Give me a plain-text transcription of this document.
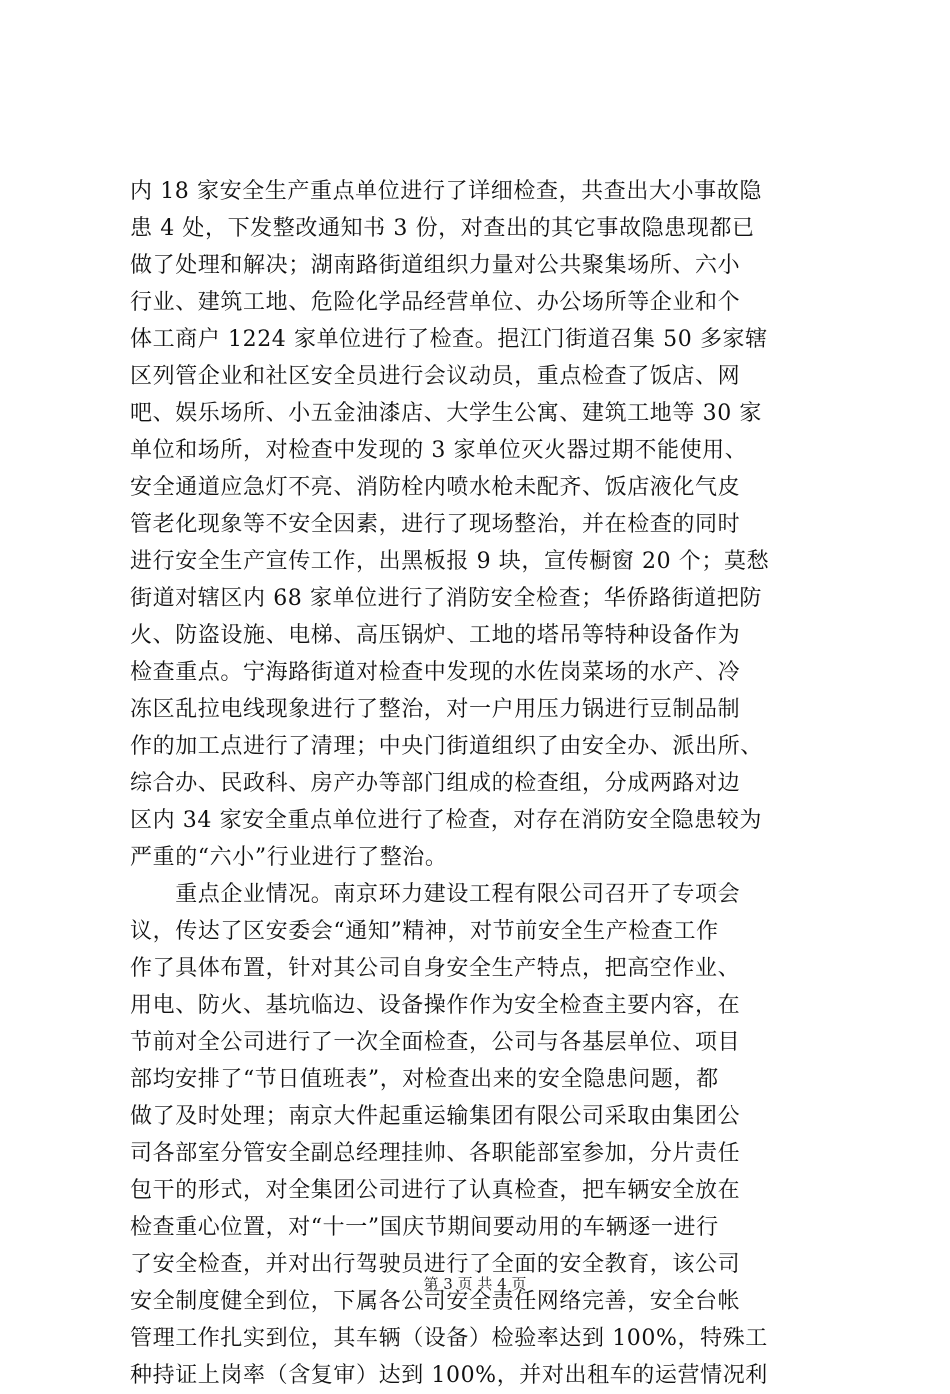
内 18 家安全生产重点单位进行了详细检查，共查出大小事故隐
患 4 处，下发整改通知书 3 份，对查出的其它事故隐患现都已
做了处理和解决；湖南路街道组织力量对公共聚集场所、六小
行业、建筑工地、危险化学品经营单位、办公场所等企业和个
体工商户 1224 家单位进行了检查。挹江门街道召集 50 多家辖
区列管企业和社区安全员进行会议动员，重点检查了饭店、网
吧、娱乐场所、小五金油漆店、大学生公寓、建筑工地等 30 家
单位和场所，对检查中发现的 3 家单位灭火器过期不能使用、
安全通道应急灯不亮、消防栓内喷水枪未配齐、饭店液化气皮
管老化现象等不安全因素，进行了现场整治，并在检查的同时
进行安全生产宣传工作，出黑板报 9 块，宣传橱窗 20 个；莫愁
街道对辖区内 68 家单位进行了消防安全检查；华侨路街道把防
火、防盗设施、电梯、高压锅炉、工地的塔吊等特种设备作为
检查重点。宁海路街道对检查中发现的水佐岗菜场的水产、冷
冻区乱拉电线现象进行了整治，对一户用压力锅进行豆制品制
作的加工点进行了清理；中央门街道组织了由安全办、派出所、
综合办、民政科、房产办等部门组成的检查组，分成两路对边
区内 34 家安全重点单位进行了检查，对存在消防安全隐患较为
严重的“六小”行业进行了整治。
　　重点企业情况。南京环力建设工程有限公司召开了专项会
议，传达了区安委会“通知”精神，对节前安全生产检查工作
作了具体布置，针对其公司自身安全生产特点，把高空作业、
用电、防火、基坑临边、设备操作作为安全检查主要内容，在
节前对全公司进行了一次全面检查，公司与各基层单位、项目
部均安排了“节日值班表”，对检查出来的安全隐患问题，都
做了及时处理；南京大件起重运输集团有限公司采取由集团公
司各部室分管安全副总经理挂帅、各职能部室参加，分片责任
包干的形式，对全集团公司进行了认真检查，把车辆安全放在
检查重心位置，对“十一”国庆节期间要动用的车辆逐一进行
了安全检查，并对出行驾驶员进行了全面的安全教育，该公司
安全制度健全到位，下属各公司安全责任网络完善，安全台帐
管理工作扎实到位，其车辆（设备）检验率达到 100%，特殊工
种持证上岗率（含复审）达到 100%，并对出租车的运营情况利
第 3 页 共 4 页
